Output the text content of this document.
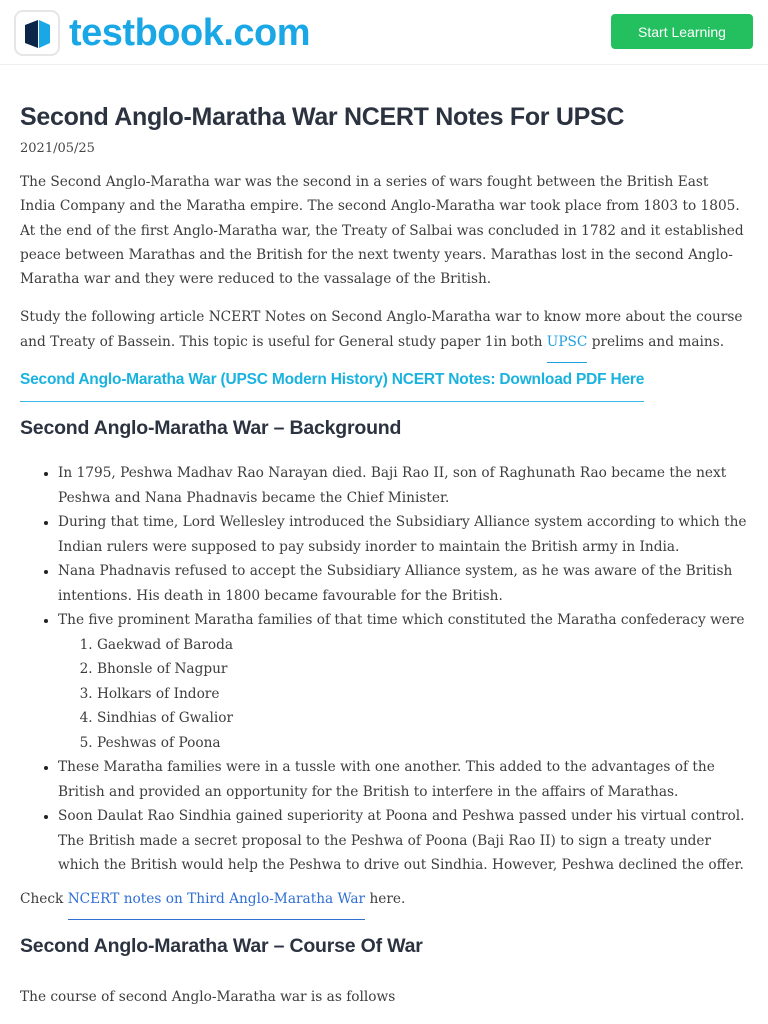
testbook.com	Start Learning
Second Anglo-Maratha War NCERT Notes For UPSC
2021/05/25

The Second Anglo-Maratha war was the second in a series of wars fought between the British East India Company and the Maratha empire. The second Anglo-Maratha war took place from 1803 to 1805. At the end of the first Anglo-Maratha war, the Treaty of Salbai was concluded in 1782 and it established peace between Marathas and the British for the next twenty years. Marathas lost in the second Anglo-Maratha war and they were reduced to the vassalage of the British.

Study the following article NCERT Notes on Second Anglo-Maratha war to know more about the course and Treaty of Bassein. This topic is useful for General study paper 1in both UPSC prelims and mains.

Second Anglo-Maratha War (UPSC Modern History) NCERT Notes: Download PDF Here
Second Anglo-Maratha War – Background
• In 1795, Peshwa Madhav Rao Narayan died. Baji Rao II, son of Raghunath Rao became the next Peshwa and Nana Phadnavis became the Chief Minister.
• During that time, Lord Wellesley introduced the Subsidiary Alliance system according to which the Indian rulers were supposed to pay subsidy inorder to maintain the British army in India.
• Nana Phadnavis refused to accept the Subsidiary Alliance system, as he was aware of the British intentions. His death in 1800 became favourable for the British.
• The five prominent Maratha families of that time which constituted the Maratha confederacy were
1. Gaekwad of Baroda
2. Bhonsle of Nagpur
3. Holkars of Indore
4. Sindhias of Gwalior
5. Peshwas of Poona
• These Maratha families were in a tussle with one another. This added to the advantages of the British and provided an opportunity for the British to interfere in the affairs of Marathas.
• Soon Daulat Rao Sindhia gained superiority at Poona and Peshwa passed under his virtual control. The British made a secret proposal to the Peshwa of Poona (Baji Rao II) to sign a treaty under which the British would help the Peshwa to drive out Sindhia. However, Peshwa declined the offer.

Check NCERT notes on Third Anglo-Maratha War here.

Second Anglo-Maratha War – Course Of War

The course of second Anglo-Maratha war is as follows
